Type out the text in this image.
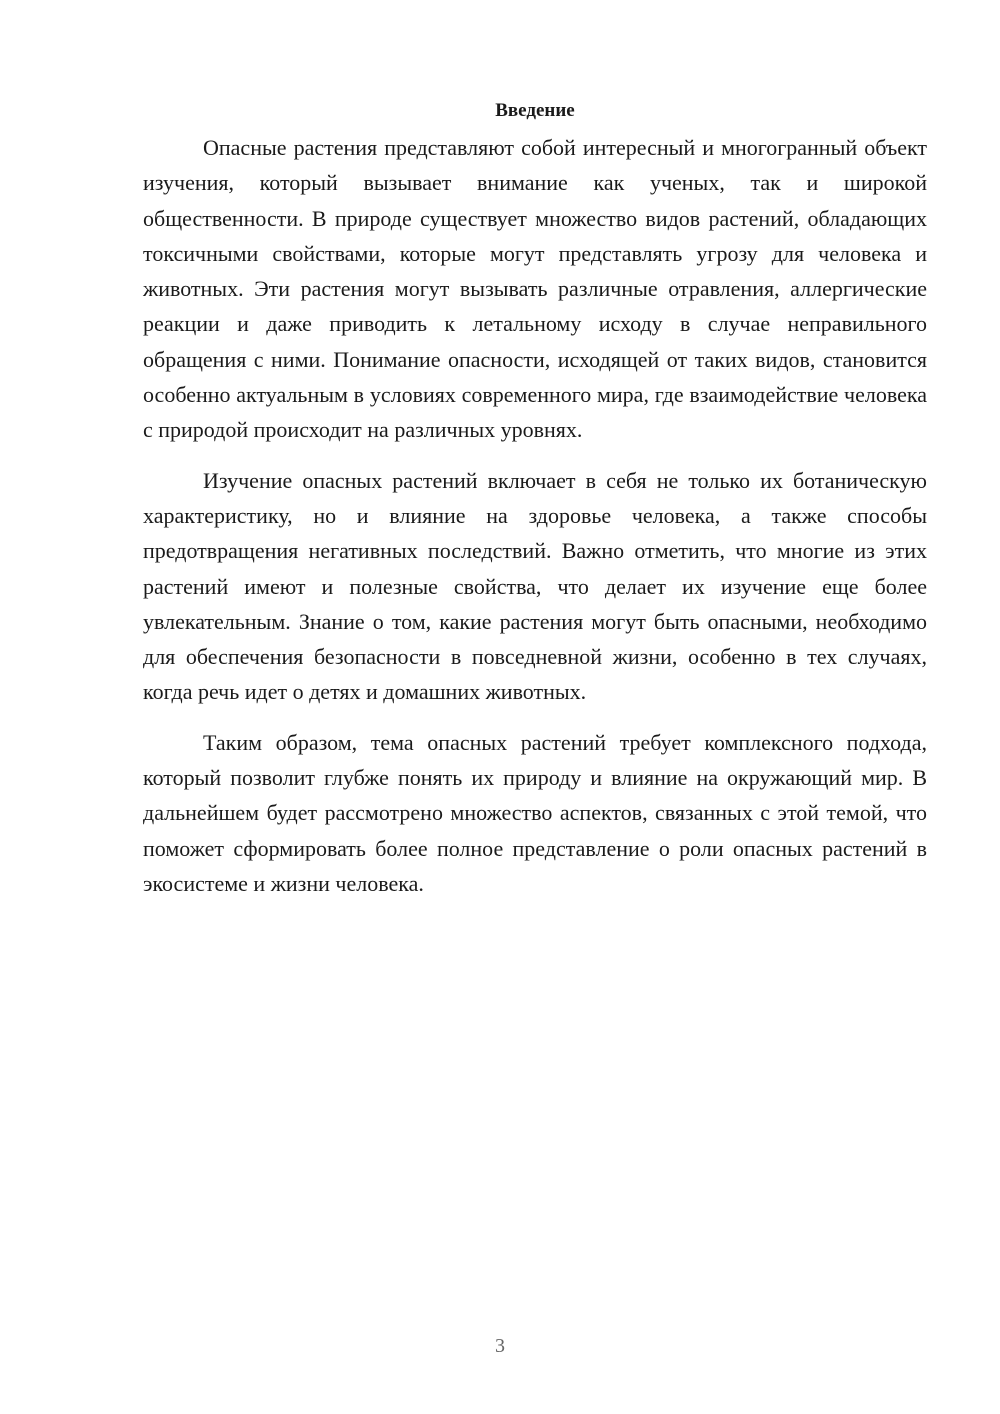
Введение

Опасные растения представляют собой интересный и многогранный объект изучения, который вызывает внимание как ученых, так и широкой общественности. В природе существует множество видов растений, обладающих токсичными свойствами, которые могут представлять угрозу для человека и животных. Эти растения могут вызывать различные отравления, аллергические реакции и даже приводить к летальному исходу в случае неправильного обращения с ними. Понимание опасности, исходящей от таких видов, становится особенно актуальным в условиях современного мира, где взаимодействие человека с природой происходит на различных уровнях.

Изучение опасных растений включает в себя не только их ботаническую характеристику, но и влияние на здоровье человека, а также способы предотвращения негативных последствий. Важно отметить, что многие из этих растений имеют и полезные свойства, что делает их изучение еще более увлекательным. Знание о том, какие растения могут быть опасными, необходимо для обеспечения безопасности в повседневной жизни, особенно в тех случаях, когда речь идет о детях и домашних животных.

Таким образом, тема опасных растений требует комплексного подхода, который позволит глубже понять их природу и влияние на окружающий мир. В дальнейшем будет рассмотрено множество аспектов, связанных с этой темой, что поможет сформировать более полное представление о роли опасных растений в экосистеме и жизни человека.

3
